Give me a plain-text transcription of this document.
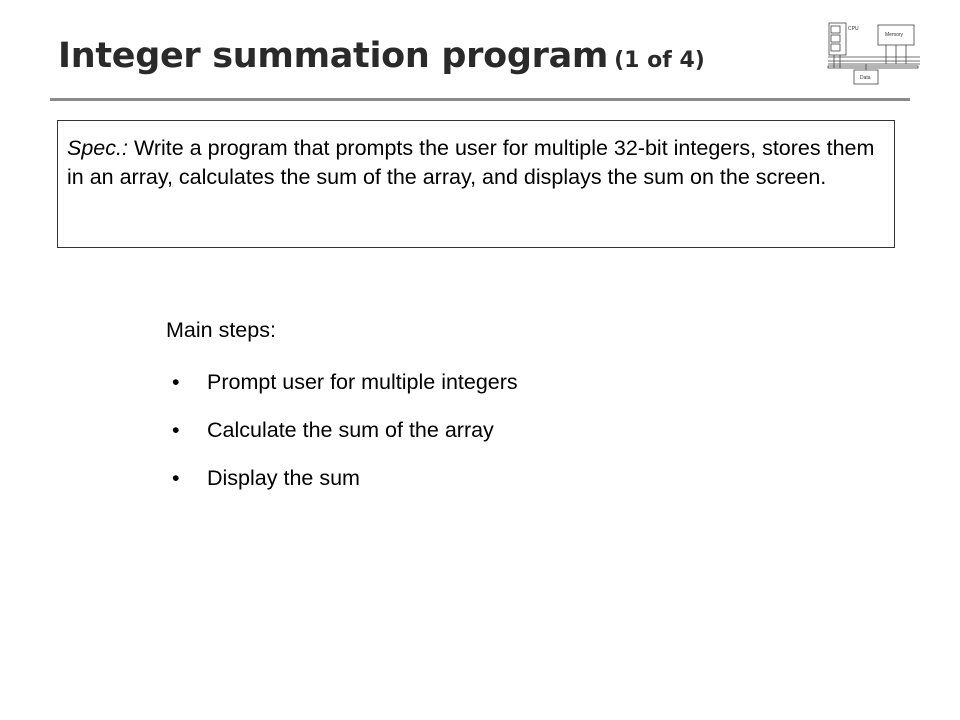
Integer summation program (1 of 4)
CPU
Memory
Data
Spec.: Write a program that prompts the user for multiple 32-bit integers, stores them in an array, calculates the sum of the array, and displays the sum on the screen.
Main steps:
•	Prompt user for multiple integers
•	Calculate the sum of the array
•	Display the sum
